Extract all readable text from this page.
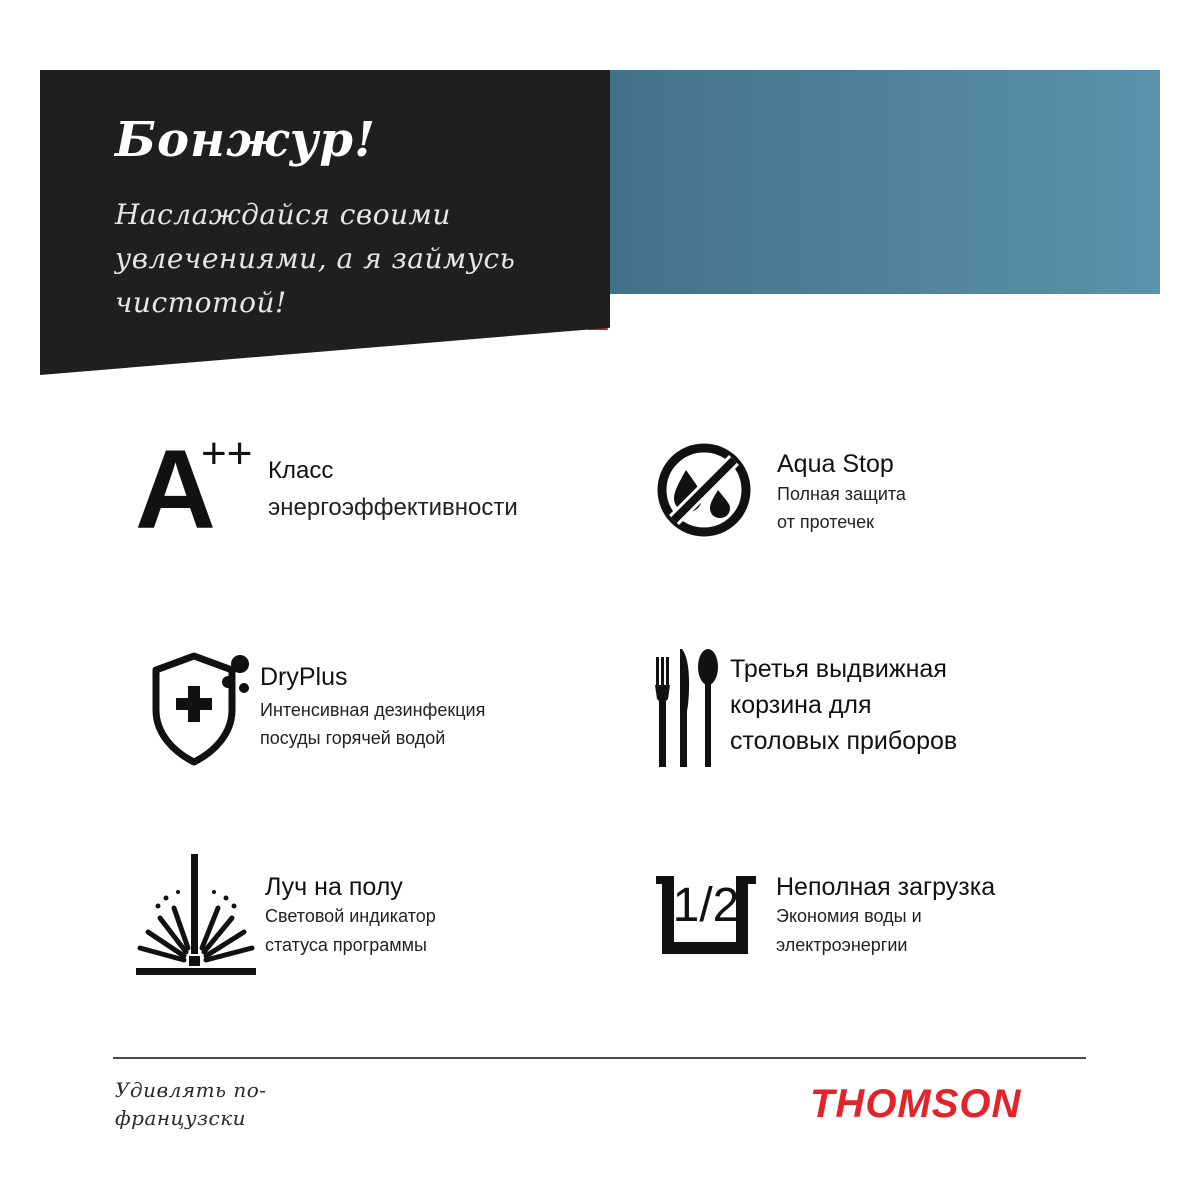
Бонжур!

Наслаждайся своими увлечениями, а я займусь чистотой!

A
++ Класс
энергоэффективности
Aqua Stop
Полная защита
от протечек
DryPlus
Интенсивная дезинфекция
посуды горячей водой
Третья выдвижная
корзина для
столовых приборов
Луч на полу
Световой индикатор
статуса программы
1/2 Неполная загрузка
Экономия воды и
электроэнергии

Удивлять по-французски	THOMSON
